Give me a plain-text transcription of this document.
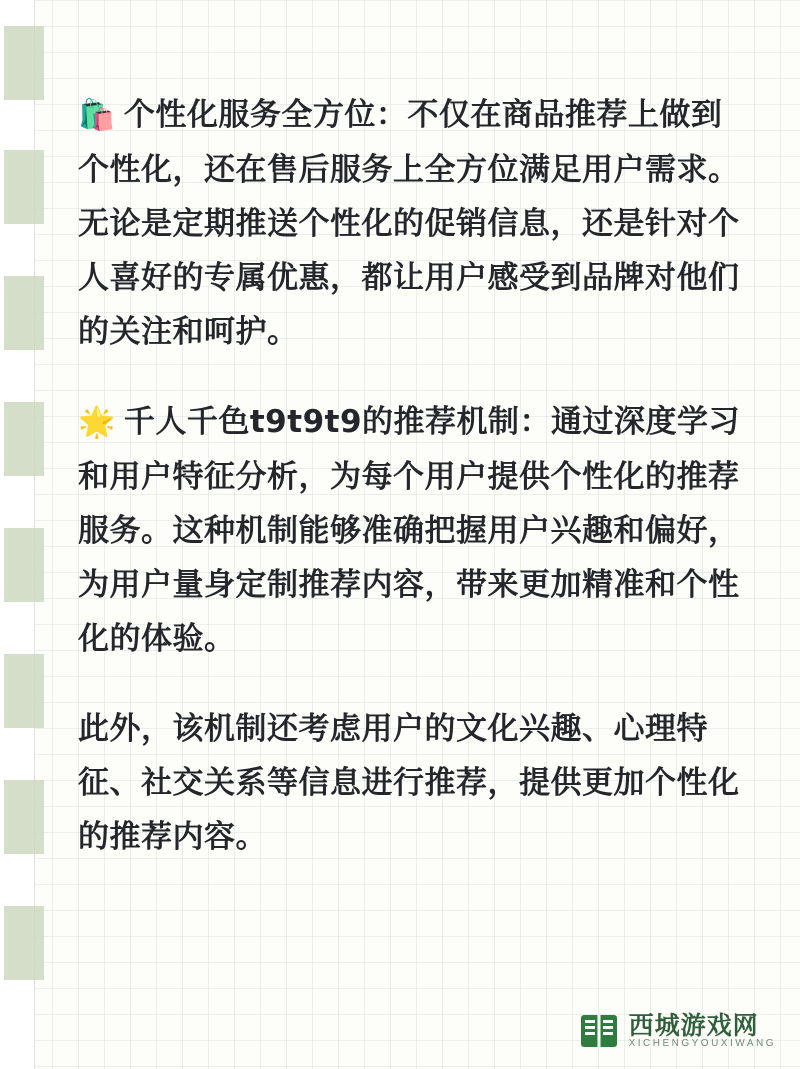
🛍️ 个性化服务全方位：不仅在商品推荐上做到个性化，还在售后服务上全方位满足用户需求。无论是定期推送个性化的促销信息，还是针对个人喜好的专属优惠，都让用户感受到品牌对他们的关注和呵护。
🌟 千人千色t9t9t9的推荐机制：通过深度学习和用户特征分析，为每个用户提供个性化的推荐服务。这种机制能够准确把握用户兴趣和偏好，为用户量身定制推荐内容，带来更加精准和个性化的体验。
此外，该机制还考虑用户的文化兴趣、心理特征、社交关系等信息进行推荐，提供更加个性化的推荐内容。
西城游戏网
XICHENGYOUXIWANG
